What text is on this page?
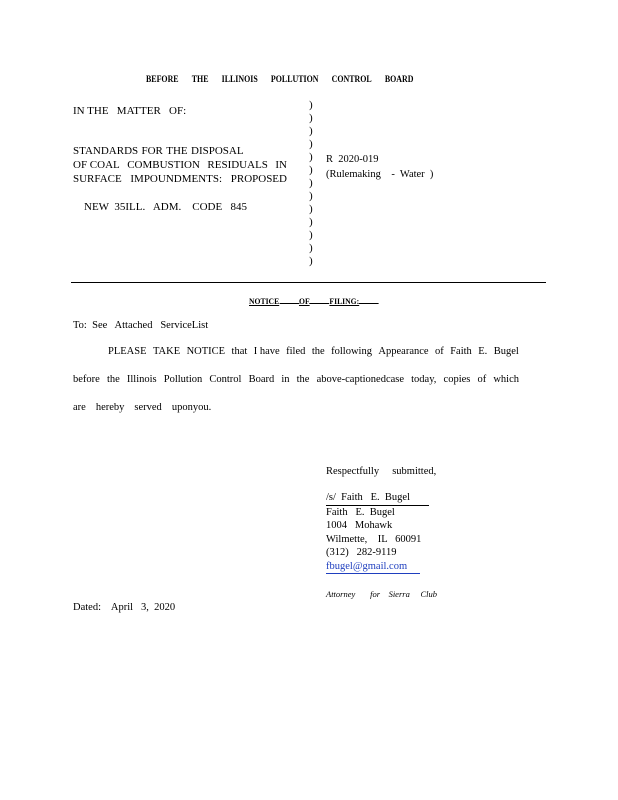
BEFORE THE ILLINOIS POLLUTION CONTROL BOARD
IN THE   MATTER   OF:
STANDARDS FOR THE DISPOSAL
OF COAL COMBUSTION RESIDUALS IN
SURFACE IMPOUNDMENTS: PROPOSED

NEW  35ILL. ADM. CODE 845

)
)
)
)
)
)
)
)
)
)
)
)
)
R  2020-019
(Rulemaking    -  Water  )
NOTICE OF FILING:
To:  See   Attached   ServiceList
PLEASE TAKE NOTICE that I have filed the following Appearance of Faith E. Bugel
before the Illinois Pollution Control Board in the above-captionedcase today, copies of which
are hereby served uponyou.
Respectfully     submitted,
/s/  Faith   E.  Bugel
Faith   E.  Bugel
1004   Mohawk
Wilmette,    IL   60091
(312)   282-9119
fbugel@gmail.com
Attorney       for    Sierra     Club
Dated:    April   3,  2020
